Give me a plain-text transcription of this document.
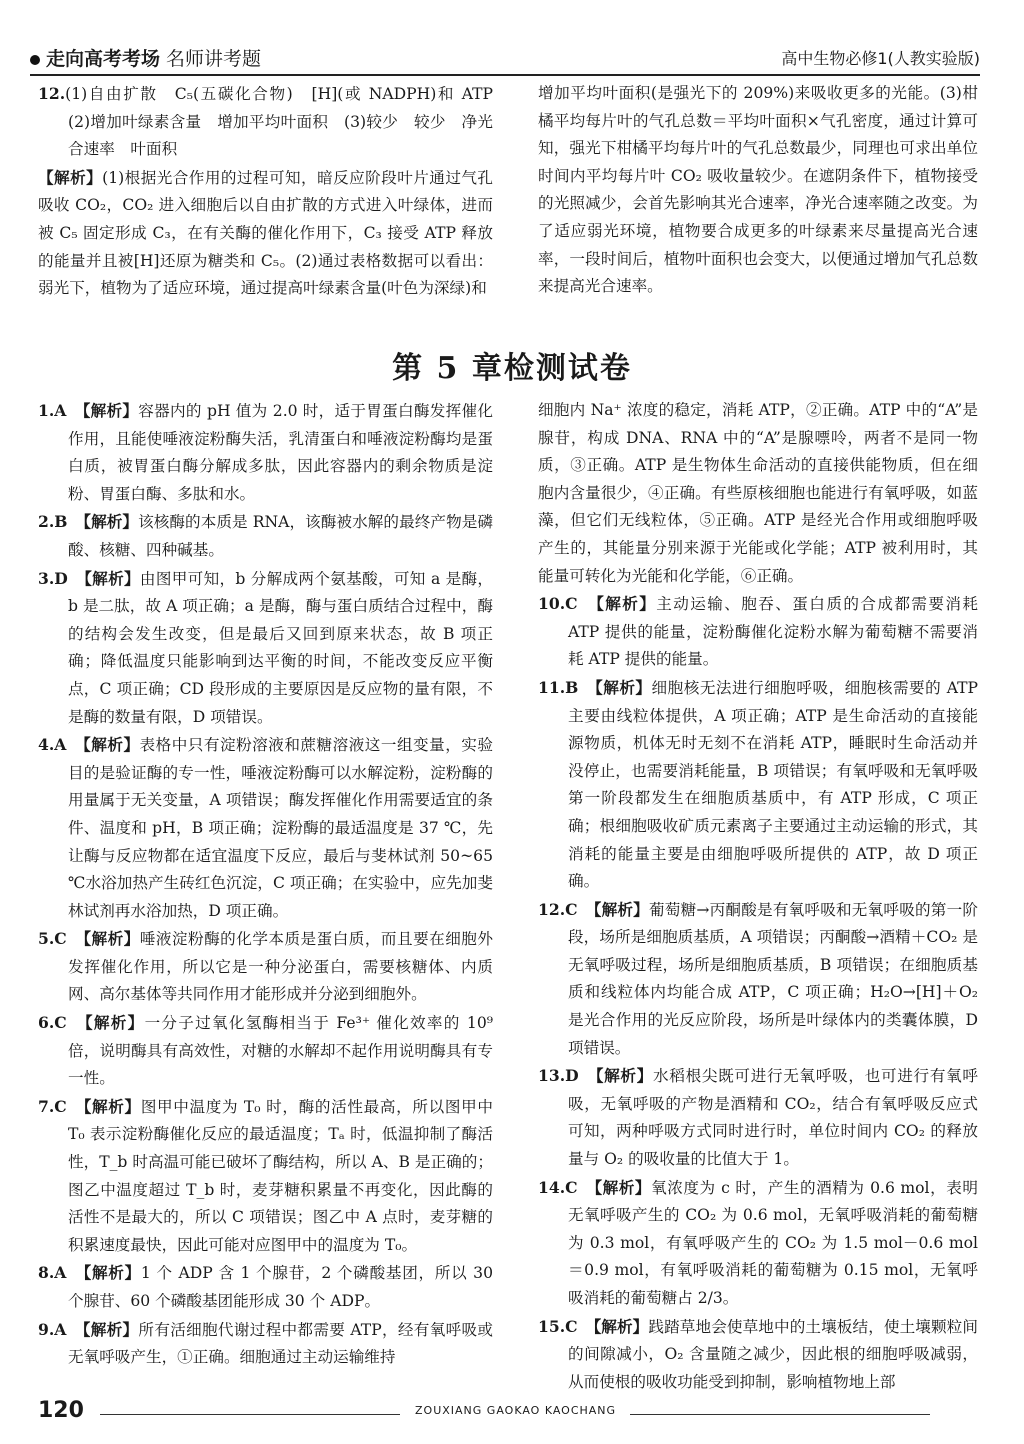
走向高考考场 名师讲考题	高中生物必修1(人教实验版)

12.(1)自由扩散　C₅(五碳化合物)　[H](或 NADPH)和 ATP　(2)增加叶绿素含量　增加平均叶面积　(3)较少　较少　净光合速率　叶面积

【解析】(1)根据光合作用的过程可知，暗反应阶段叶片通过气孔吸收 CO₂，CO₂ 进入细胞后以自由扩散的方式进入叶绿体，进而被 C₅ 固定形成 C₃，在有关酶的催化作用下，C₃ 接受 ATP 释放的能量并且被[H]还原为糖类和 C₅。(2)通过表格数据可以看出：弱光下，植物为了适应环境，通过提高叶绿素含量(叶色为深绿)和

增加平均叶面积(是强光下的 209%)来吸收更多的光能。(3)柑橘平均每片叶的气孔总数＝平均叶面积×气孔密度，通过计算可知，强光下柑橘平均每片叶的气孔总数最少，同理也可求出单位时间内平均每片叶 CO₂ 吸收量较少。在遮阴条件下，植物接受的光照减少，会首先影响其光合速率，净光合速率随之改变。为了适应弱光环境，植物要合成更多的叶绿素来尽量提高光合速率，一段时间后，植物叶面积也会变大，以便通过增加气孔总数来提高光合速率。

第 5 章检测试卷

1.A　 【解析】容器内的 pH 值为 2.0 时，适于胃蛋白酶发挥催化作用，且能使唾液淀粉酶失活，乳清蛋白和唾液淀粉酶均是蛋白质，被胃蛋白酶分解成多肽，因此容器内的剩余物质是淀粉、胃蛋白酶、多肽和水。

2.B　 【解析】该核酶的本质是 RNA，该酶被水解的最终产物是磷酸、核糖、四种碱基。

3.D　 【解析】由图甲可知，b 分解成两个氨基酸，可知 a 是酶，b 是二肽，故 A 项正确；a 是酶，酶与蛋白质结合过程中，酶的结构会发生改变，但是最后又回到原来状态，故 B 项正确；降低温度只能影响到达平衡的时间，不能改变反应平衡点，C 项正确；CD 段形成的主要原因是反应物的量有限，不是酶的数量有限，D 项错误。

4.A　 【解析】表格中只有淀粉溶液和蔗糖溶液这一组变量，实验目的是验证酶的专一性，唾液淀粉酶可以水解淀粉，淀粉酶的用量属于无关变量，A 项错误；酶发挥催化作用需要适宜的条件、温度和 pH，B 项正确；淀粉酶的最适温度是 37 ℃，先让酶与反应物都在适宜温度下反应，最后与斐林试剂 50~65 ℃水浴加热产生砖红色沉淀，C 项正确；在实验中，应先加斐林试剂再水浴加热，D 项正确。

5.C　 【解析】唾液淀粉酶的化学本质是蛋白质，而且要在细胞外发挥催化作用，所以它是一种分泌蛋白，需要核糖体、内质网、高尔基体等共同作用才能形成并分泌到细胞外。

6.C　 【解析】一分子过氧化氢酶相当于 Fe³⁺ 催化效率的 10⁹ 倍，说明酶具有高效性，对糖的水解却不起作用说明酶具有专一性。

7.C　 【解析】图甲中温度为 T₀ 时，酶的活性最高，所以图甲中 T₀ 表示淀粉酶催化反应的最适温度；Tₐ 时，低温抑制了酶活性，T_b 时高温可能已破坏了酶结构，所以 A、B 是正确的；图乙中温度超过 T_b 时，麦芽糖积累量不再变化，因此酶的活性不是最大的，所以 C 项错误；图乙中 A 点时，麦芽糖的积累速度最快，因此可能对应图甲中的温度为 T₀。

8.A　 【解析】1 个 ADP 含 1 个腺苷，2 个磷酸基团，所以 30 个腺苷、60 个磷酸基团能形成 30 个 ADP。

9.A　 【解析】所有活细胞代谢过程中都需要 ATP，经有氧呼吸或无氧呼吸产生，①正确。细胞通过主动运输维持

细胞内 Na⁺ 浓度的稳定，消耗 ATP，②正确。ATP 中的“A”是腺苷，构成 DNA、RNA 中的“A”是腺嘌呤，两者不是同一物质，③正确。ATP 是生物体生命活动的直接供能物质，但在细胞内含量很少，④正确。有些原核细胞也能进行有氧呼吸，如蓝藻，但它们无线粒体，⑤正确。ATP 是经光合作用或细胞呼吸产生的，其能量分别来源于光能或化学能；ATP 被利用时，其能量可转化为光能和化学能，⑥正确。

10.C　 【解析】主动运输、胞吞、蛋白质的合成都需要消耗 ATP 提供的能量，淀粉酶催化淀粉水解为葡萄糖不需要消耗 ATP 提供的能量。

11.B　 【解析】细胞核无法进行细胞呼吸，细胞核需要的 ATP 主要由线粒体提供，A 项正确；ATP 是生命活动的直接能源物质，机体无时无刻不在消耗 ATP，睡眠时生命活动并没停止，也需要消耗能量，B 项错误；有氧呼吸和无氧呼吸第一阶段都发生在细胞质基质中，有 ATP 形成，C 项正确；根细胞吸收矿质元素离子主要通过主动运输的形式，其消耗的能量主要是由细胞呼吸所提供的 ATP，故 D 项正确。

12.C　 【解析】葡萄糖→丙酮酸是有氧呼吸和无氧呼吸的第一阶段，场所是细胞质基质，A 项错误；丙酮酸→酒精＋CO₂ 是无氧呼吸过程，场所是细胞质基质，B 项错误；在细胞质基质和线粒体内均能合成 ATP，C 项正确；H₂O→[H]＋O₂ 是光合作用的光反应阶段，场所是叶绿体内的类囊体膜，D 项错误。

13.D　 【解析】水稻根尖既可进行无氧呼吸，也可进行有氧呼吸，无氧呼吸的产物是酒精和 CO₂，结合有氧呼吸反应式可知，两种呼吸方式同时进行时，单位时间内 CO₂ 的释放量与 O₂ 的吸收量的比值大于 1。

14.C　 【解析】氧浓度为 c 时，产生的酒精为 0.6 mol，表明无氧呼吸产生的 CO₂ 为 0.6 mol，无氧呼吸消耗的葡萄糖为 0.3 mol，有氧呼吸产生的 CO₂ 为 1.5 mol－0.6 mol＝0.9 mol，有氧呼吸消耗的葡萄糖为 0.15 mol，无氧呼吸消耗的葡萄糖占 2/3。

15.C　 【解析】践踏草地会使草地中的土壤板结，使土壤颗粒间的间隙减小，O₂ 含量随之减少，因此根的细胞呼吸减弱，从而使根的吸收功能受到抑制，影响植物地上部

120	ZOUXIANG GAOKAO KAOCHANG
